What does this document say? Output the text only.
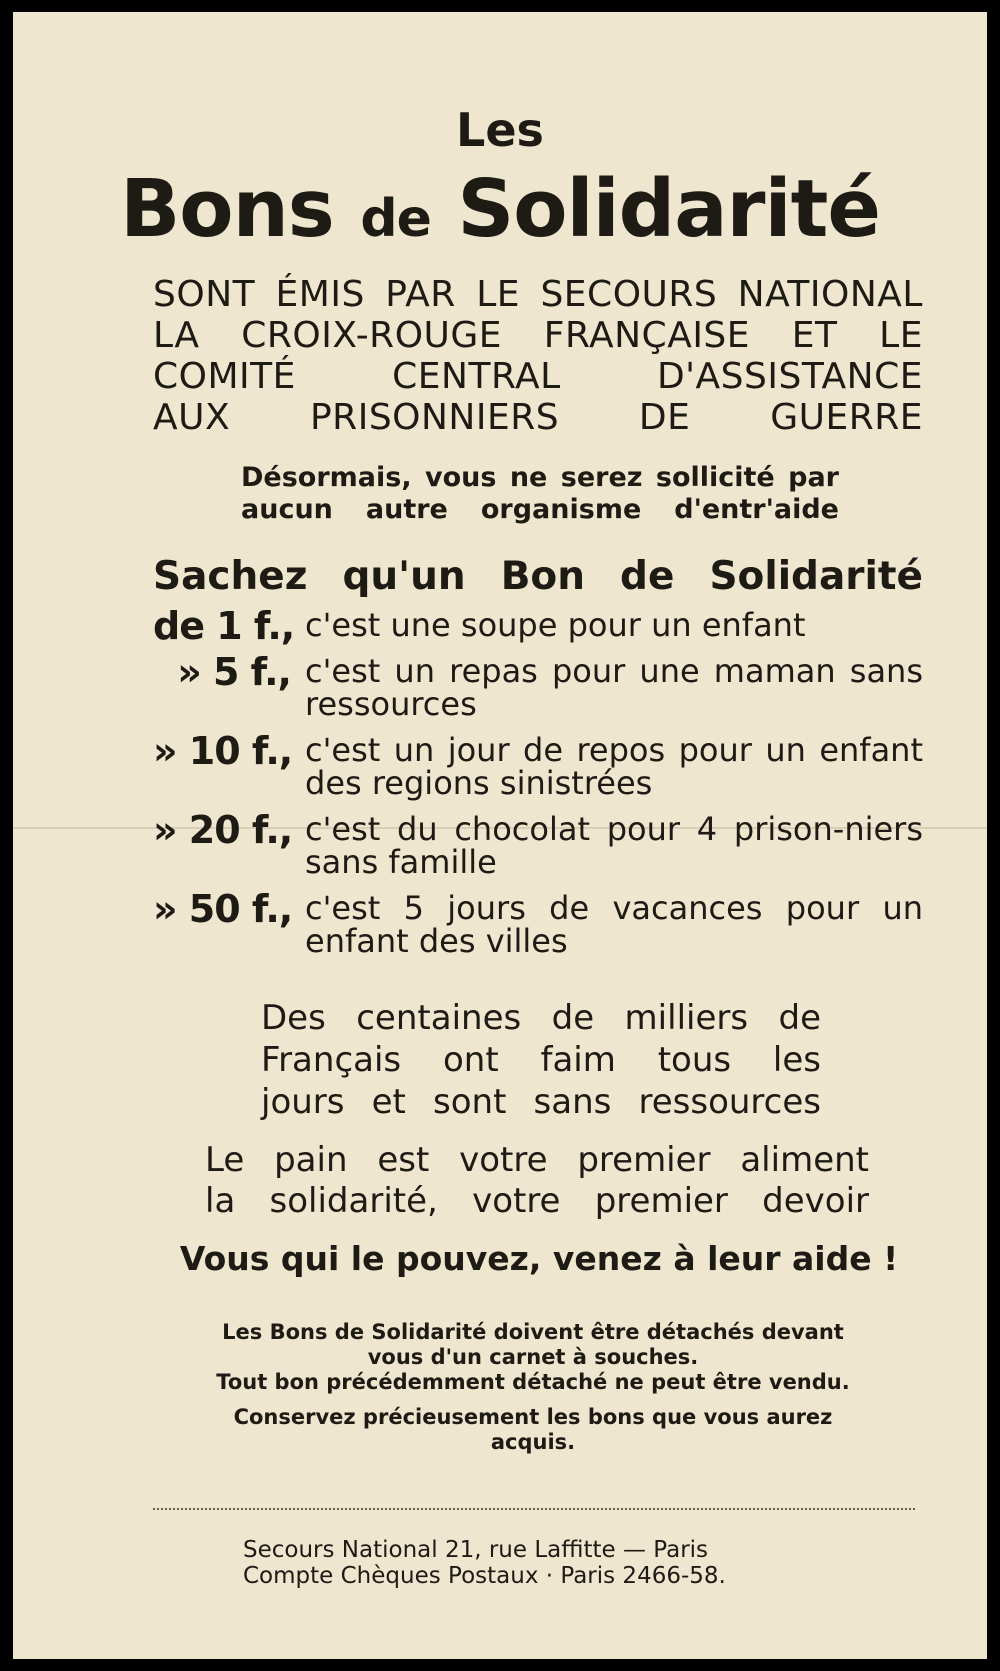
Les
Bons de Solidarité
SONT ÉMIS PAR LE SECOURS NATIONAL
LA CROIX-ROUGE FRANÇAISE ET LE
COMITÉ CENTRAL D'ASSISTANCE
AUX PRISONNIERS DE GUERRE
Désormais, vous ne serez sollicité par
aucun autre organisme d'entr'aide
Sachez qu'un Bon de Solidarité
de 1 f., c'est une soupe pour un enfant
» 5 f., c'est un repas pour une maman sans ressources
» 10 f., c'est un jour de repos pour un enfant des regions sinistrées
» 20 f., c'est du chocolat pour 4 prison-niers sans famille
» 50 f., c'est 5 jours de vacances pour un enfant des villes
Des centaines de milliers de
Français ont faim tous les
jours et sont sans ressources
Le pain est votre premier aliment
la solidarité, votre premier devoir
Vous qui le pouvez, venez à leur aide !

Les Bons de Solidarité doivent être détachés devant vous d'un carnet à souches.

Tout bon précédemment détaché ne peut être vendu.

Conservez précieusement les bons que vous aurez acquis.

Secours National 21, rue Laffitte — Paris
Compte Chèques Postaux · Paris 2466-58.
